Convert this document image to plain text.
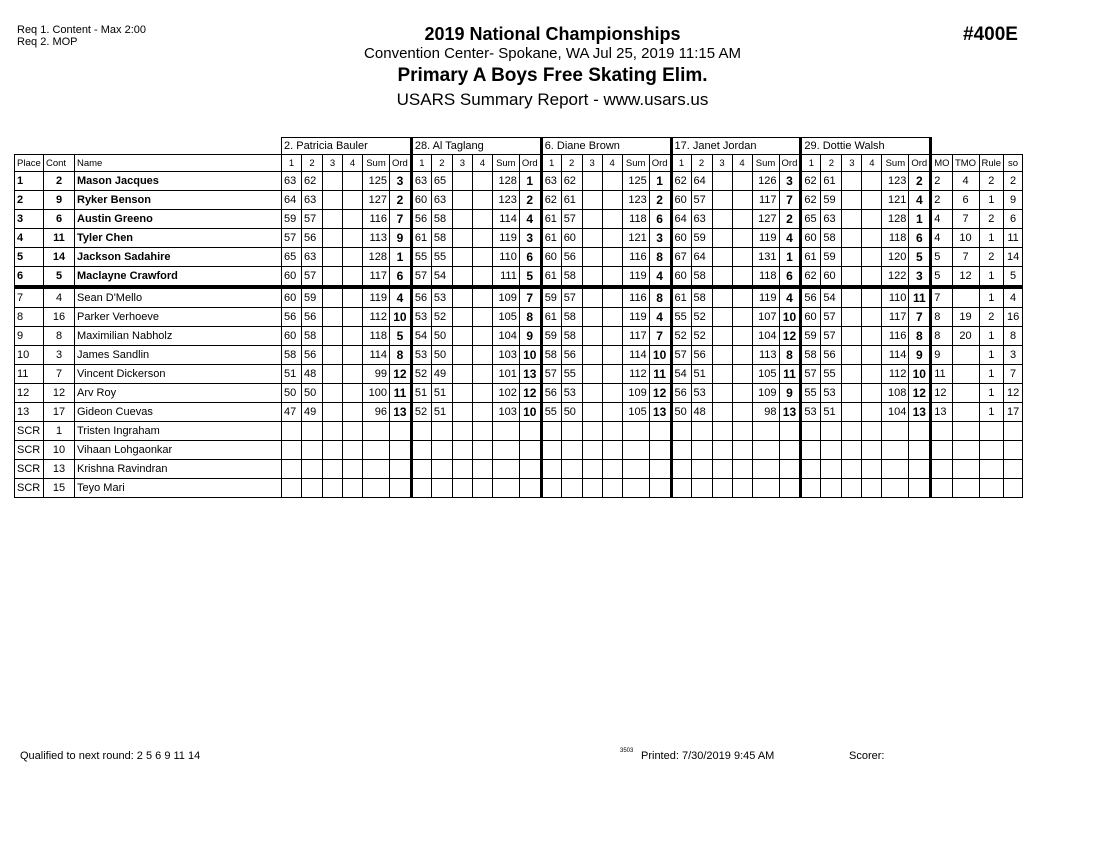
Req 1. Content - Max 2:00
Req 2. MOP	2019 National Championships
Convention Center- Spokane, WA Jul 25, 2019 11:15 AM
Primary A Boys Free Skating Elim.
USARS Summary Report - www.usars.us
#400E
			2. Patricia Bauler						28. Al Taglang						6. Diane Brown						17. Janet Jordan						29. Dottie Walsh									
Place	Cont	Name	1	2	3	4	Sum	Ord	1	2	3	4	Sum	Ord	1	2	3	4	Sum	Ord	1	2	3	4	Sum	Ord	1	2	3	4	Sum	Ord	MO	TMO	Rule	so
1	2	Mason Jacques	63	62			125	3	63	65			128	1	63	62			125	1	62	64			126	3	62	61			123	2	2	4	2	2
2	9	Ryker Benson	64	63			127	2	60	63			123	2	62	61			123	2	60	57			117	7	62	59			121	4	2	6	1	9
3	6	Austin Greeno	59	57			116	7	56	58			114	4	61	57			118	6	64	63			127	2	65	63			128	1	4	7	2	6
4	11	Tyler Chen	57	56			113	9	61	58			119	3	61	60			121	3	60	59			119	4	60	58			118	6	4	10	1	11
5	14	Jackson Sadahire	65	63			128	1	55	55			110	6	60	56			116	8	67	64			131	1	61	59			120	5	5	7	2	14
6	5	Maclayne Crawford	60	57			117	6	57	54			111	5	61	58			119	4	60	58			118	6	62	60			122	3	5	12	1	5
7	4	Sean D'Mello	60	59			119	4	56	53			109	7	59	57			116	8	61	58			119	4	56	54			110	11	7		1	4
8	16	Parker Verhoeve	56	56			112	10	53	52			105	8	61	58			119	4	55	52			107	10	60	57			117	7	8	19	2	16
9	8	Maximilian Nabholz	60	58			118	5	54	50			104	9	59	58			117	7	52	52			104	12	59	57			116	8	8	20	1	8
10	3	James Sandlin	58	56			114	8	53	50			103	10	58	56			114	10	57	56			113	8	58	56			114	9	9		1	3
11	7	Vincent Dickerson	51	48			99	12	52	49			101	13	57	55			112	11	54	51			105	11	57	55			112	10	11		1	7
12	12	Arv Roy	50	50			100	11	51	51			102	12	56	53			109	12	56	53			109	9	55	53			108	12	12		1	12
13	17	Gideon Cuevas	47	49			96	13	52	51			103	10	55	50			105	13	50	48			98	13	53	51			104	13	13		1	17
SCR	1	Tristen Ingraham																																		
SCR	10	Vihaan Lohgaonkar																																		
SCR	13	Krishna Ravindran																																		
SCR	15	Teyo Mari																																		
Qualified to next round: 2 5 6 9 11 14	3503 Printed: 7/30/2019 9:45 AM	Scorer:
